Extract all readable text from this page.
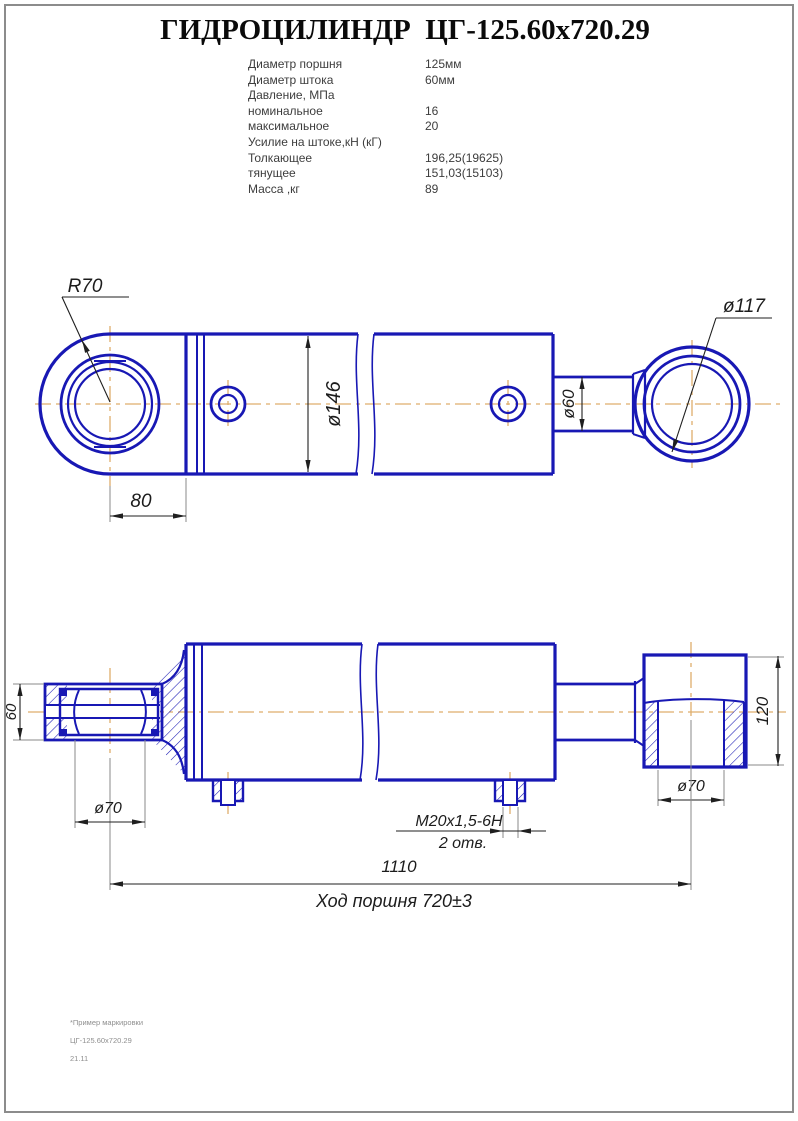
ГИДРОЦИЛИНДР  ЦГ-125.60х720.29
Диаметр поршня	125мм
Диаметр штока	60мм
Давление, МПа
номинальное	16
максимальное	20
Усилие на штоке,кН (кГ)
Толкающее	196,25(19625)
тянущее	151,03(15103)
Масса ,кг	89
ø146	ø60
80
R70
ø117
60
ø70
M20x1,5-6H
2 отв.
120
ø70
1110
Ход поршня 720±3
*Пример маркировки
ЦГ-125.60х720.29
21.11
